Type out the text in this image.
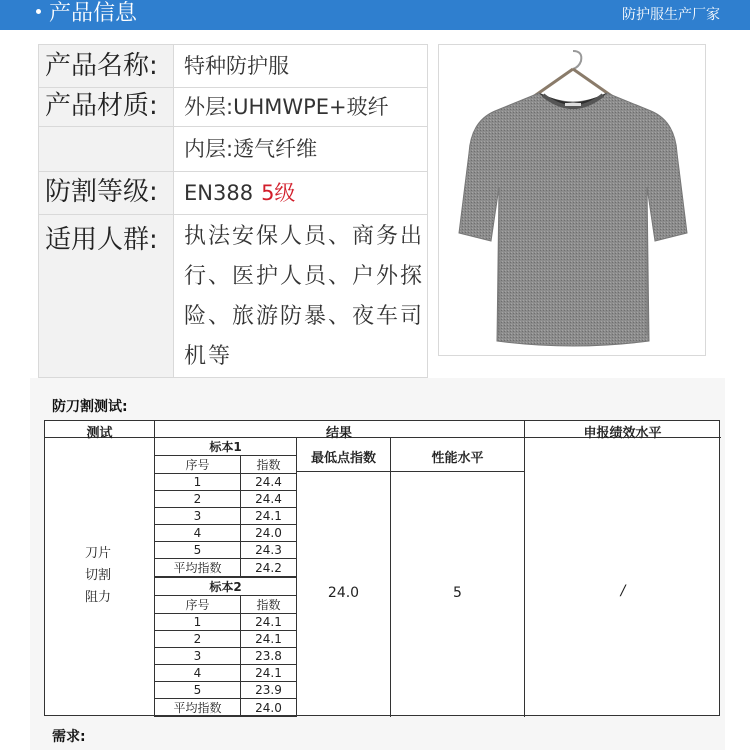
产品信息	防护服生产厂家
产品名称:	特种防护服
产品材质:	外层:UHMWPE+玻纤
	内层:透气纤维
防割等级:	EN388 5级
适用人群:	执法安保人员、商务出行、医护人员、户外探险、旅游防暴、夜车司机等
防刀割测试:
测试	结果	申报绩效水平
最低点指数	性能水平
刀片
切割
阻力
标本1	
序号	指数
1	24.4
2	24.4
3	24.1
4	24.0
5	24.3
平均指数	24.2
标本2	
序号	指数
1	24.1
2	24.1
3	23.8
4	24.1
5	23.9
平均指数	24.0
24.0	5	/
需求:
